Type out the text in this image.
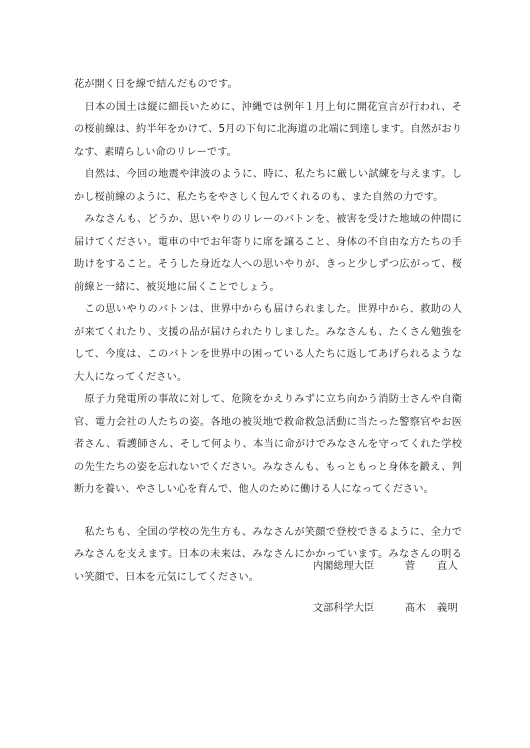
花が開く日を線で結んだものです。

日本の国土は縦に細長いために、沖縄では例年１月上旬に開花宣言が行われ、その桜前線は、約半年をかけて、5月の下旬に北海道の北端に到達します。自然がおりなす、素晴らしい命のリレーです。

自然は、今回の地震や津波のように、時に、私たちに厳しい試練を与えます。しかし桜前線のように、私たちをやさしく包んでくれるのも、また自然の力です。

みなさんも、どうか、思いやりのリレーのバトンを、被害を受けた地域の仲間に届けてください。電車の中でお年寄りに席を譲ること、身体の不自由な方たちの手助けをすること。そうした身近な人への思いやりが、きっと少しずつ広がって、桜前線と一緒に、被災地に届くことでしょう。

この思いやりのバトンは、世界中からも届けられました。世界中から、救助の人が来てくれたり、支援の品が届けられたりしました。みなさんも、たくさん勉強をして、今度は、このバトンを世界中の困っている人たちに返してあげられるような大人になってください。

原子力発電所の事故に対して、危険をかえりみずに立ち向かう消防士さんや自衛官、電力会社の人たちの姿。各地の被災地で救命救急活動に当たった警察官やお医者さん、看護師さん、そして何より、本当に命がけでみなさんを守ってくれた学校の先生たちの姿を忘れないでください。みなさんも、もっともっと身体を鍛え、判断力を養い、やさしい心を育んで、他人のために働ける人になってください。

私たちも、全国の学校の先生方も、みなさんが笑顔で登校できるように、全力でみなさんを支えます。日本の未来は、みなさんにかかっています。みなさんの明るい笑顔で、日本を元気にしてください。

内閣総理大臣	菅　　直人
文部科学大臣	髙木　義明
